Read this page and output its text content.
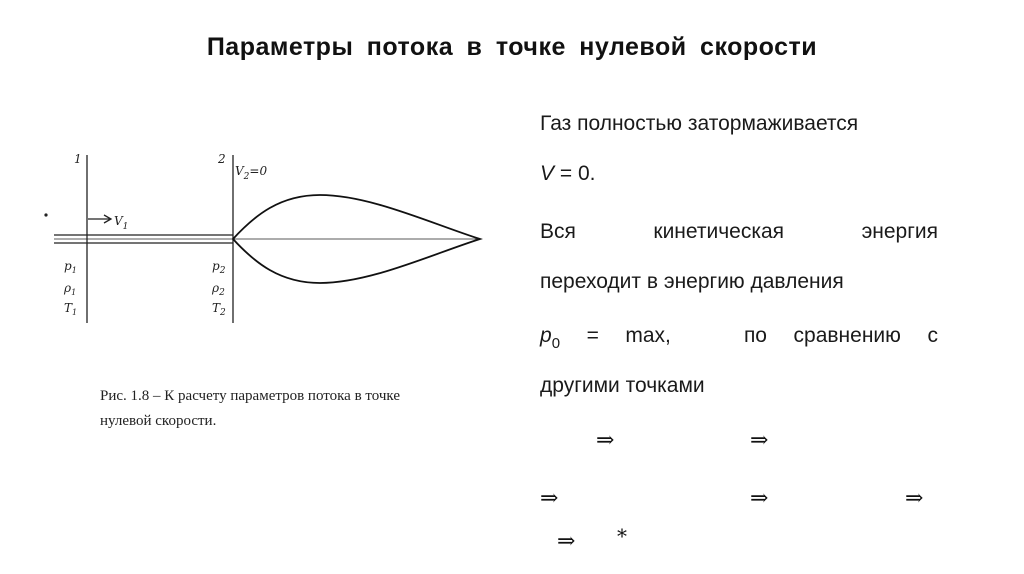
Параметры потока в точке нулевой скорости
1	2
$V_1$
$V_2=0$
$p_1$
$\rho_1$
$T_1$
$p_2$
$\rho_2$
$T_2$
Рис. 1.8 – К расчету параметров потока в точке
нулевой скорости.
Газ полностью затормаживается
V = 0.
Вся	кинетическая	энергия
переходит в энергию давления
$p_0 = \max$,	по сравнению с
другими точками
⇒	⇒
⇒	⇒	⇒
⇒ *
